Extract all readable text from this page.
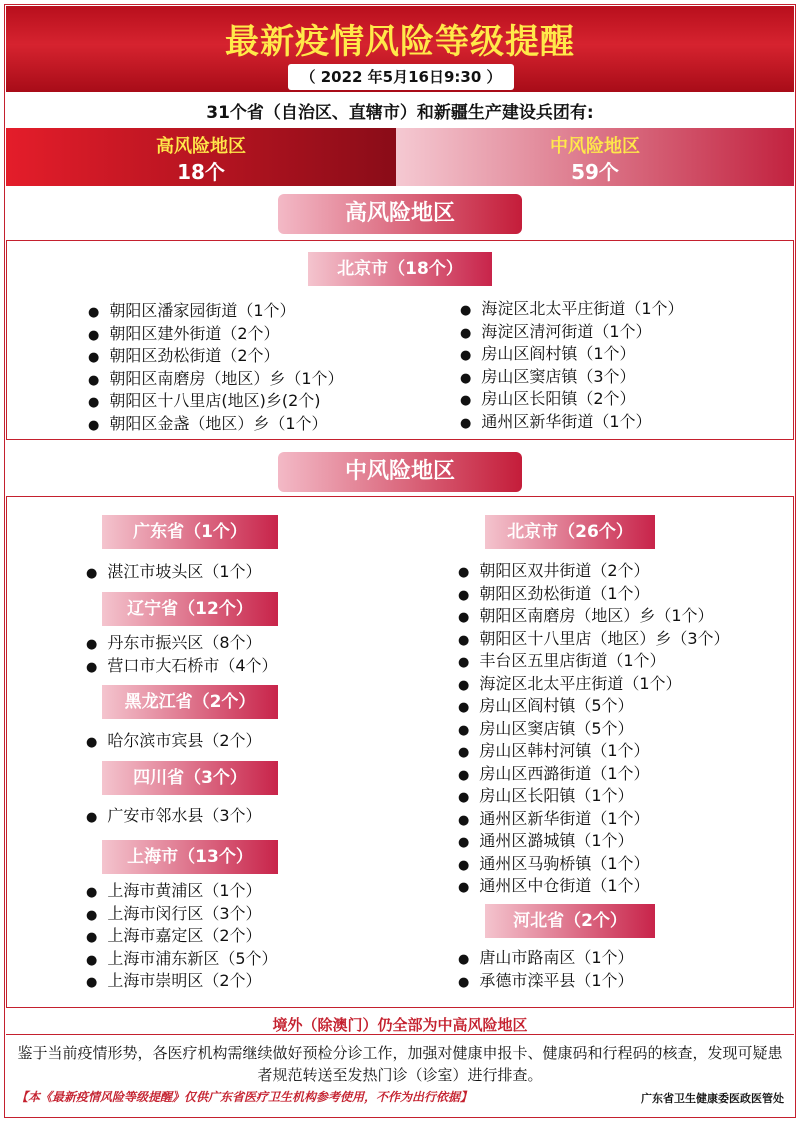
最新疫情风险等级提醒
（ 2022 年5月16日9:30 ）
31个省（自治区、直辖市）和新疆生产建设兵团有:
高风险地区
18个
中风险地区
59个
高风险地区
北京市（18个）
● 朝阳区潘家园街道（1个）
● 朝阳区建外街道（2个）
● 朝阳区劲松街道（2个）
● 朝阳区南磨房（地区）乡（1个）
● 朝阳区十八里店(地区)乡(2个)
● 朝阳区金盏（地区）乡（1个）
● 海淀区北太平庄街道（1个）
● 海淀区清河街道（1个）
● 房山区阎村镇（1个）
● 房山区窦店镇（3个）
● 房山区长阳镇（2个）
● 通州区新华街道（1个）
中风险地区
广东省（1个）
● 湛江市坡头区（1个）
辽宁省（12个）
● 丹东市振兴区（8个）
● 营口市大石桥市（4个）
黑龙江省（2个）
● 哈尔滨市宾县（2个）
四川省（3个）
● 广安市邻水县（3个）
上海市（13个）
● 上海市黄浦区（1个）
● 上海市闵行区（3个）
● 上海市嘉定区（2个）
● 上海市浦东新区（5个）
● 上海市崇明区（2个）
北京市（26个）
● 朝阳区双井街道（2个）
● 朝阳区劲松街道（1个）
● 朝阳区南磨房（地区）乡（1个）
● 朝阳区十八里店（地区）乡（3个）
● 丰台区五里店街道（1个）
● 海淀区北太平庄街道（1个）
● 房山区阎村镇（5个）
● 房山区窦店镇（5个）
● 房山区韩村河镇（1个）
● 房山区西潞街道（1个）
● 房山区长阳镇（1个）
● 通州区新华街道（1个）
● 通州区潞城镇（1个）
● 通州区马驹桥镇（1个）
● 通州区中仓街道（1个）
河北省（2个）
● 唐山市路南区（1个）
● 承德市滦平县（1个）
境外（除澳门）仍全部为中高风险地区
鉴于当前疫情形势，各医疗机构需继续做好预检分诊工作，加强对健康申报卡、健康码和行程码的核查，发现可疑患者规范转送至发热门诊（诊室）进行排查。
【本《最新疫情风险等级提醒》仅供广东省医疗卫生机构参考使用，不作为出行依据】	广东省卫生健康委医政医管处
